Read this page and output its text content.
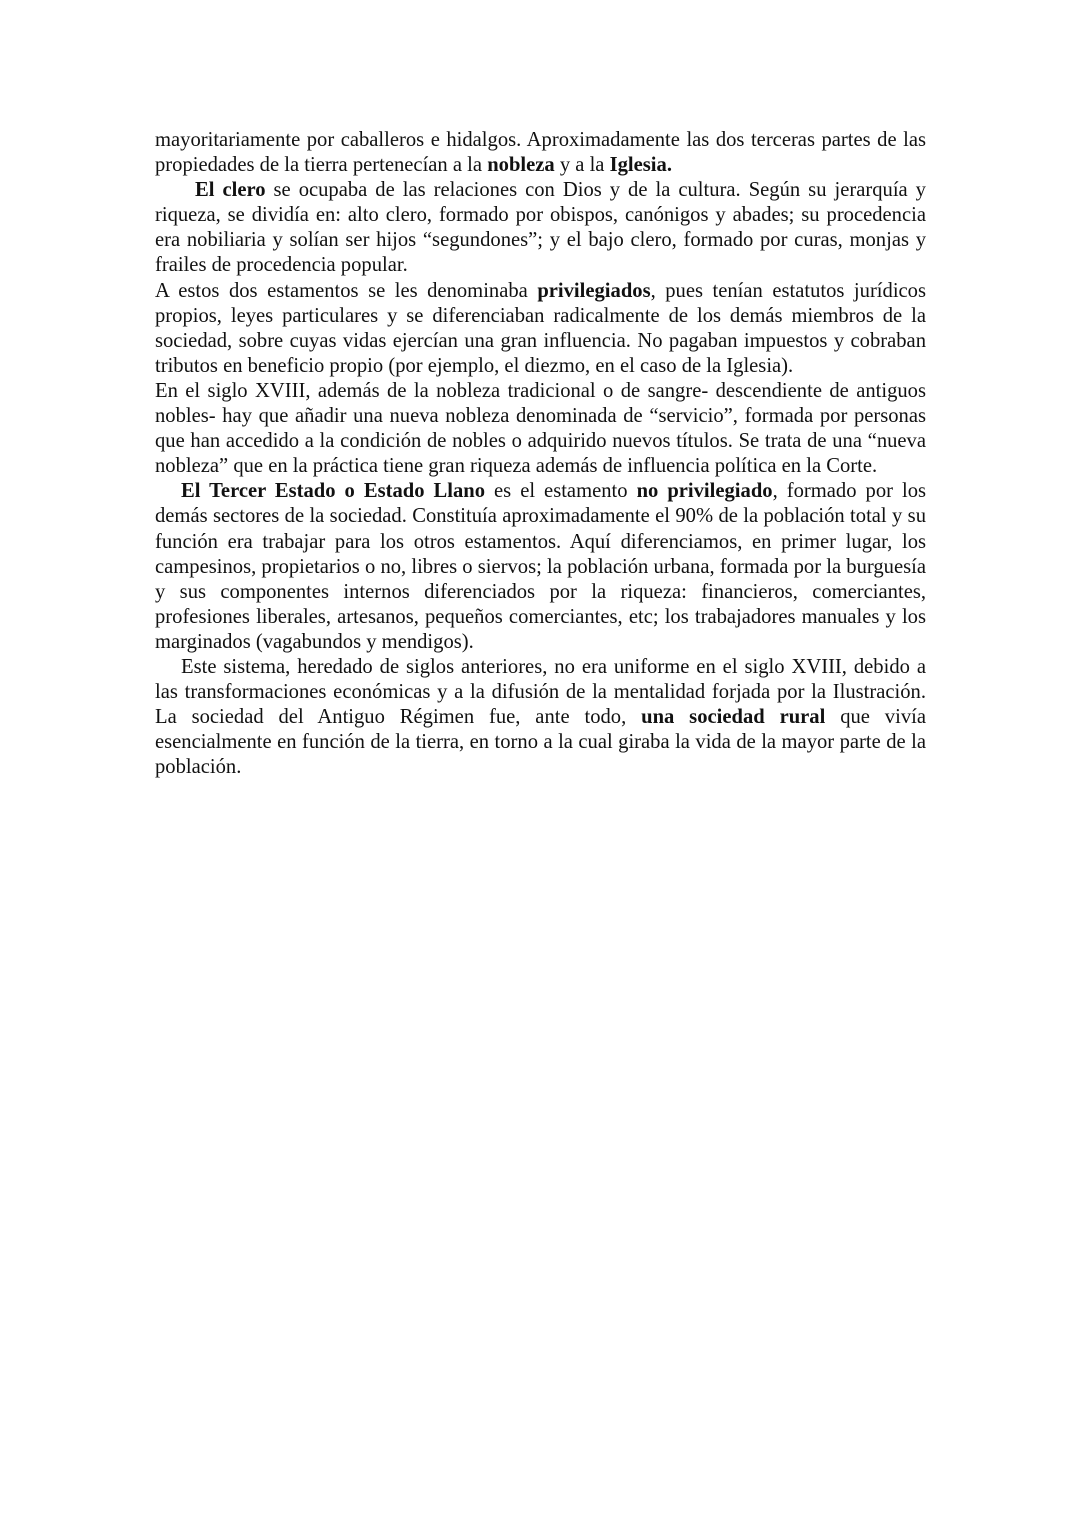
mayoritariamente por caballeros e hidalgos. Aproximadamente las dos terceras partes de las propiedades de la tierra pertenecían a la nobleza y a la Iglesia.

El clero se ocupaba de las relaciones con Dios y de la cultura. Según su jerarquía y riqueza, se dividía en: alto clero, formado por obispos, canónigos y abades; su procedencia era nobiliaria y solían ser hijos “segundones”; y el bajo clero, formado por curas, monjas y frailes de procedencia popular.

A estos dos estamentos se les denominaba privilegiados, pues tenían estatutos jurídicos propios, leyes particulares y se diferenciaban radicalmente de los demás miembros de la sociedad, sobre cuyas vidas ejercían una gran influencia. No pagaban impuestos y cobraban tributos en beneficio propio (por ejemplo, el diezmo, en el caso de la Iglesia).

En el siglo XVIII, además de la nobleza tradicional o de sangre- descendiente de antiguos nobles- hay que añadir una nueva nobleza denominada de “servicio”, formada por personas que han accedido a la condición de nobles o adquirido nuevos títulos. Se trata de una “nueva nobleza” que en la práctica tiene gran riqueza además de influencia política en la Corte.

El Tercer Estado o Estado Llano es el estamento no privilegiado, formado por los demás sectores de la sociedad. Constituía aproximadamente el 90% de la población total y su función era trabajar para los otros estamentos. Aquí diferenciamos, en primer lugar, los campesinos, propietarios o no, libres o siervos; la población urbana, formada por la burguesía y sus componentes internos diferenciados por la riqueza: financieros, comerciantes, profesiones liberales, artesanos, pequeños comerciantes, etc; los trabajadores manuales y los marginados (vagabundos y mendigos).

Este sistema, heredado de siglos anteriores, no era uniforme en el siglo XVIII, debido a las transformaciones económicas y a la difusión de la mentalidad forjada por la Ilustración. La sociedad del Antiguo Régimen fue, ante todo, una sociedad rural que vivía esencialmente en función de la tierra, en torno a la cual giraba la vida de la mayor parte de la población.
